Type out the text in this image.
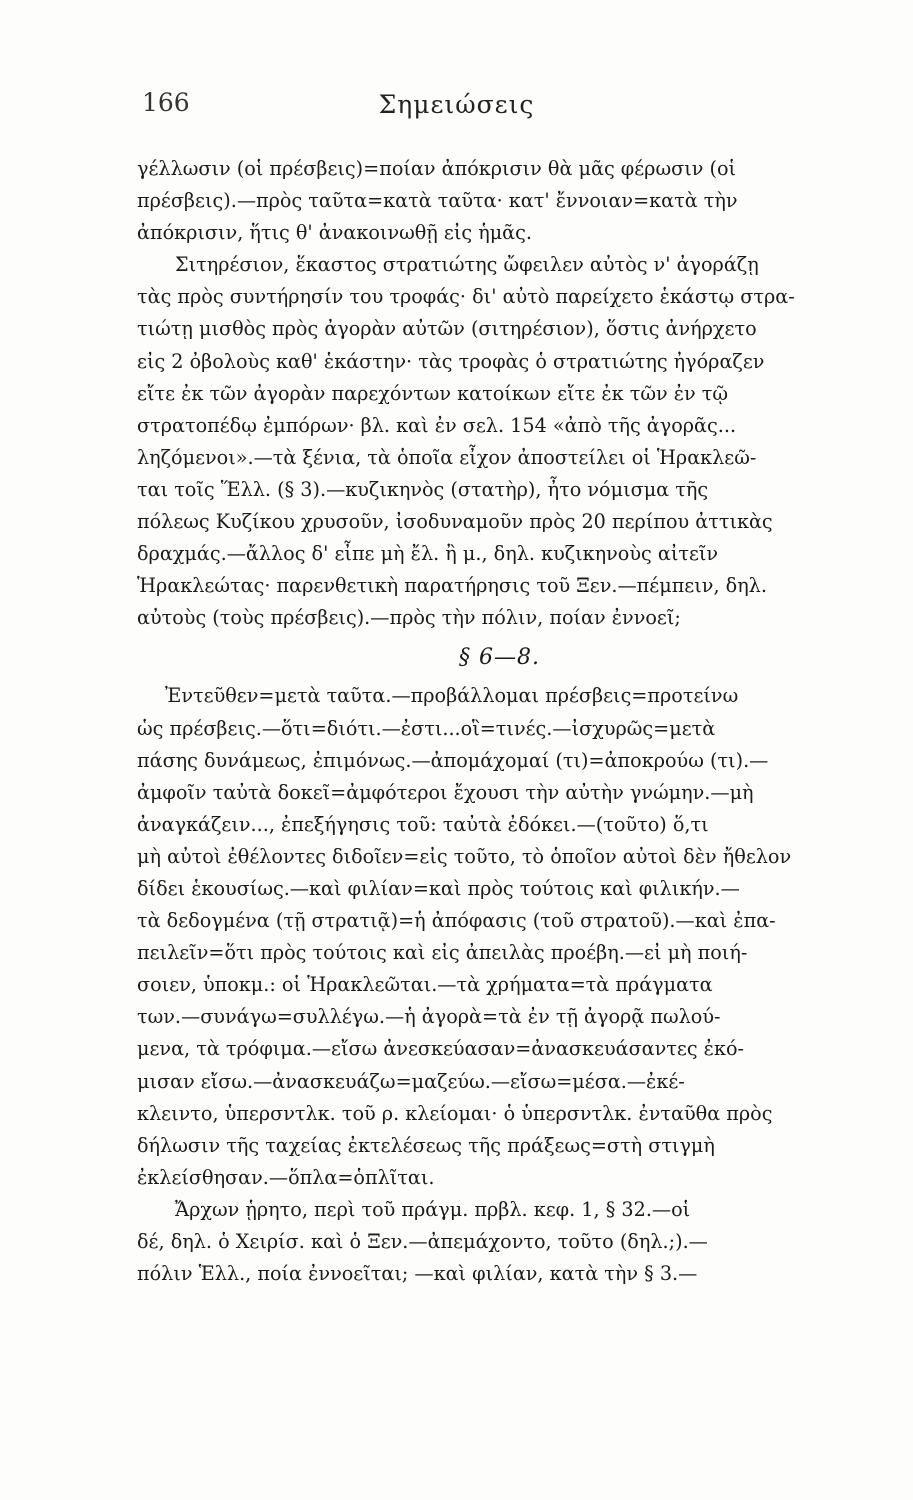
166	Σημειώσεις
γέλλωσιν (οἱ πρέσβεις)=ποίαν ἀπόκρισιν θὰ μᾶς φέρωσιν (οἱ
πρέσβεις).—πρὸς ταῦτα=κατὰ ταῦτα· κατ' ἔννοιαν=κατὰ τὴν
ἀπόκρισιν, ἥτις θ' ἀνακοινωθῇ εἰς ἡμᾶς.
Σιτηρέσιον, ἕκαστος στρατιώτης ὤφειλεν αὐτὸς ν' ἀγοράζῃ
τὰς πρὸς συντήρησίν του τροφάς· δι' αὐτὸ παρείχετο ἑκάστῳ στρα-
τιώτῃ μισθὸς πρὸς ἀγορὰν αὐτῶν (σιτηρέσιον), ὅστις ἀνήρχετο
εἰς 2 ὀβολοὺς καθ' ἑκάστην· τὰς τροφὰς ὁ στρατιώτης ἠγόραζεν
εἴτε ἐκ τῶν ἀγορὰν παρεχόντων κατοίκων εἴτε ἐκ τῶν ἐν τῷ
στρατοπέδῳ ἐμπόρων· βλ. καὶ ἐν σελ. 154 «ἀπὸ τῆς ἀγορᾶς...
ληζόμενοι».—τὰ ξένια, τὰ ὁποῖα εἶχον ἀποστείλει οἱ Ἡρακλεῶ-
ται τοῖς Ἕλλ. (§ 3).—κυζικηνὸς (στατὴρ), ἦτο νόμισμα τῆς
πόλεως Κυζίκου χρυσοῦν, ἰσοδυναμοῦν πρὸς 20 περίπου ἀττικὰς
δραχμάς.—ἄλλος δ' εἶπε μὴ ἔλ. ἢ μ., δηλ. κυζικηνοὺς αἰτεῖν
Ἡρακλεώτας· παρενθετικὴ παρατήρησις τοῦ Ξεν.—πέμπειν, δηλ.
αὐτοὺς (τοὺς πρέσβεις).—πρὸς τὴν πόλιν, ποίαν ἐννοεῖ;
§ 6—8.
Ἐντεῦθεν=μετὰ ταῦτα.—προβάλλομαι πρέσβεις=προτείνω
ὡς πρέσβεις.—ὅτι=διότι.—ἐστι...οἳ=τινές.—ἰσχυρῶς=μετὰ
πάσης δυνάμεως, ἐπιμόνως.—ἀπομάχομαί (τι)=ἀποκρούω (τι).—
ἀμφοῖν ταὐτὰ δοκεῖ=ἀμφότεροι ἔχουσι τὴν αὐτὴν γνώμην.—μὴ
ἀναγκάζειν..., ἐπεξήγησις τοῦ: ταὐτὰ ἐδόκει.—(τοῦτο) ὅ,τι
μὴ αὐτοὶ ἐθέλοντες διδοῖεν=εἰς τοῦτο, τὸ ὁποῖον αὐτοὶ δὲν ἤθελον
δίδει ἑκουσίως.—καὶ φιλίαν=καὶ πρὸς τούτοις καὶ φιλικήν.—
τὰ δεδογμένα (τῇ στρατιᾷ)=ἡ ἀπόφασις (τοῦ στρατοῦ).—καὶ ἐπα-
πειλεῖν=ὅτι πρὸς τούτοις καὶ εἰς ἀπειλὰς προέβη.—εἰ μὴ ποιή-
σοιεν, ὑποκμ.: οἱ Ἡρακλεῶται.—τὰ χρήματα=τὰ πράγματα
των.—συνάγω=συλλέγω.—ἡ ἀγορὰ=τὰ ἐν τῇ ἀγορᾷ πωλού-
μενα, τὰ τρόφιμα.—εἴσω ἀνεσκεύασαν=ἀνασκευάσαντες ἐκό-
μισαν εἴσω.—ἀνασκευάζω=μαζεύω.—εἴσω=μέσα.—ἐκέ-
κλειντο, ὑπερσντλκ. τοῦ ρ. κλείομαι· ὁ ὑπερσντλκ. ἐνταῦθα πρὸς
δήλωσιν τῆς ταχείας ἐκτελέσεως τῆς πράξεως=στὴ στιγμὴ
ἐκλείσθησαν.—ὅπλα=ὁπλῖται.
Ἄρχων ᾑρητο, περὶ τοῦ πράγμ. πρβλ. κεφ. 1, § 32.—οἱ
δέ, δηλ. ὁ Χειρίσ. καὶ ὁ Ξεν.—ἀπεμάχοντο, τοῦτο (δηλ.;).—
πόλιν Ἑλλ., ποία ἐννοεῖται; —καὶ φιλίαν, κατὰ τὴν § 3.—
